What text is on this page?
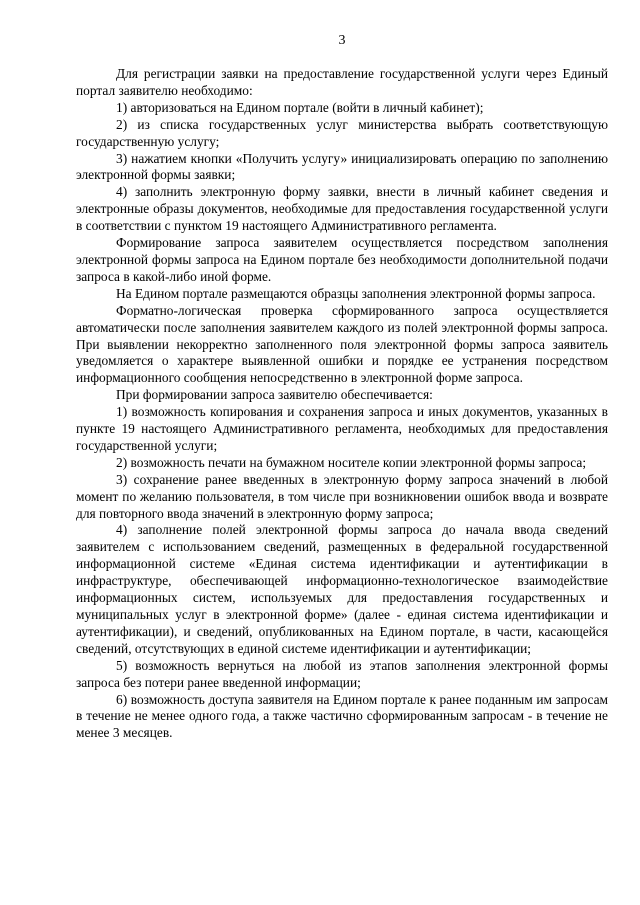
3

Для регистрации заявки на предоставление государственной услуги через Единый портал заявителю необходимо:

1) авторизоваться на Едином портале (войти в личный кабинет);

2) из списка государственных услуг министерства выбрать соответствующую государственную услугу;

3) нажатием кнопки «Получить услугу» инициализировать операцию по заполнению электронной формы заявки;

4) заполнить электронную форму заявки, внести в личный кабинет сведения и электронные образы документов, необходимые для предоставления государственной услуги в соответствии с пунктом 19 настоящего Административного регламента.

Формирование запроса заявителем осуществляется посредством заполнения электронной формы запроса на Едином портале без необходимости дополнительной подачи запроса в какой-либо иной форме.

На Едином портале размещаются образцы заполнения электронной формы запроса.

Форматно-логическая проверка сформированного запроса осуществляется автоматически после заполнения заявителем каждого из полей электронной формы запроса. При выявлении некорректно заполненного поля электронной формы запроса заявитель уведомляется о характере выявленной ошибки и порядке ее устранения посредством информационного сообщения непосредственно в электронной форме запроса.

При формировании запроса заявителю обеспечивается:

1) возможность копирования и сохранения запроса и иных документов, указанных в пункте 19 настоящего Административного регламента, необходимых для предоставления государственной услуги;

2) возможность печати на бумажном носителе копии электронной формы запроса;

3) сохранение ранее введенных в электронную форму запроса значений в любой момент по желанию пользователя, в том числе при возникновении ошибок ввода и возврате для повторного ввода значений в электронную форму запроса;

4) заполнение полей электронной формы запроса до начала ввода сведений заявителем с использованием сведений, размещенных в федеральной государственной информационной системе «Единая система идентификации и аутентификации в инфраструктуре, обеспечивающей информационно-технологическое взаимодействие информационных систем, используемых для предоставления государственных и муниципальных услуг в электронной форме» (далее - единая система идентификации и аутентификации), и сведений, опубликованных на Едином портале, в части, касающейся сведений, отсутствующих в единой системе идентификации и аутентификации;

5) возможность вернуться на любой из этапов заполнения электронной формы запроса без потери ранее введенной информации;

6) возможность доступа заявителя на Едином портале к ранее поданным им запросам в течение не менее одного года, а также частично сформированным запросам - в течение не менее 3 месяцев.
